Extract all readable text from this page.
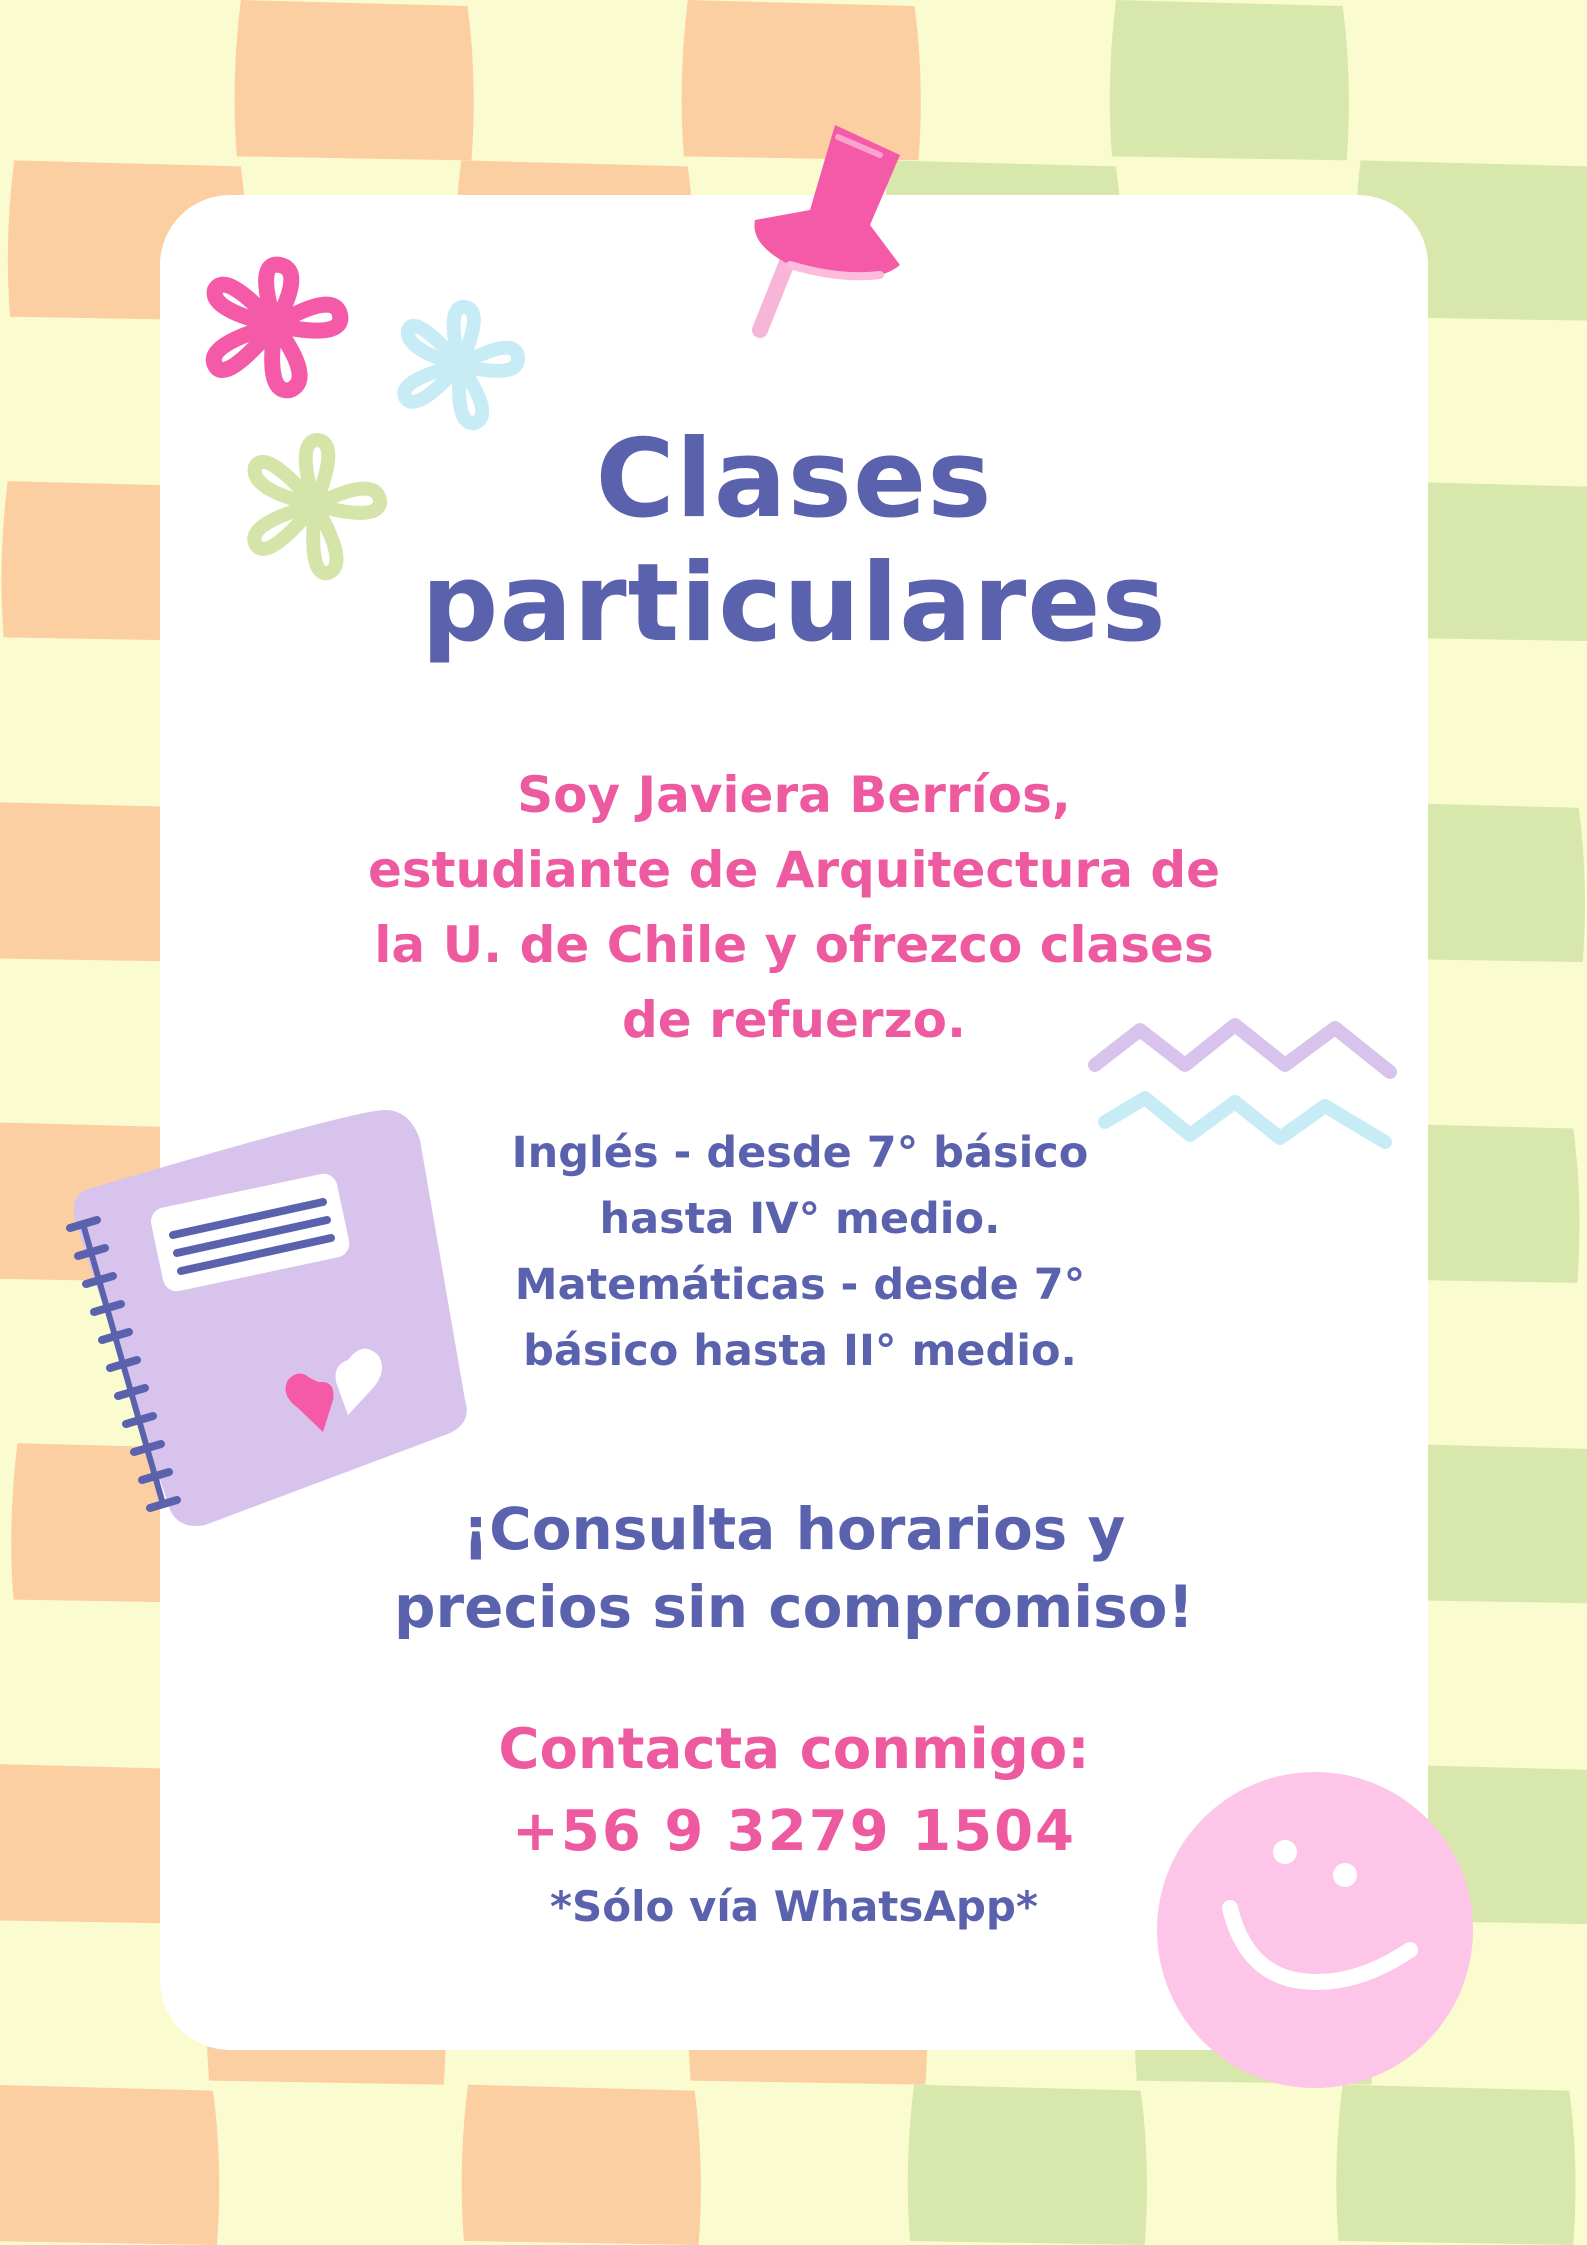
Clases
particulares
Soy Javiera Berríos,
estudiante de Arquitectura de
la U. de Chile y ofrezco clases
de refuerzo.
Inglés - desde 7° básico
hasta IV° medio.
Matemáticas - desde 7°
básico hasta II° medio.
¡Consulta horarios y
precios sin compromiso!
Contacta conmigo:
+56 9 3279 1504
*Sólo vía WhatsApp*
